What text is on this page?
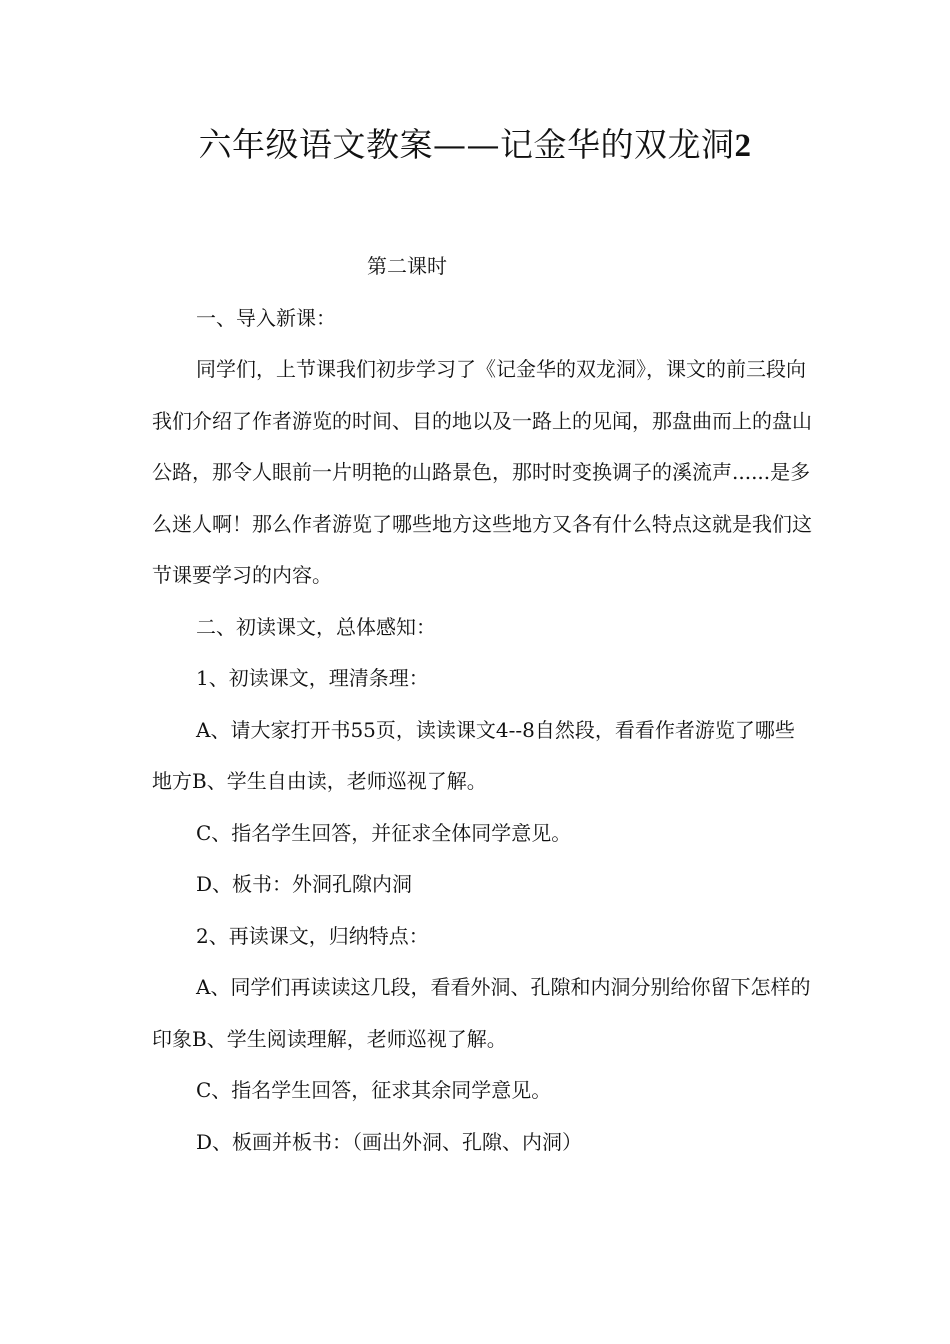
六年级语文教案——记金华的双龙洞2

第二课时

一、导入新课：

同学们，上节课我们初步学习了《记金华的双龙洞》，课文的前三段向我们介绍了作者游览的时间、目的地以及一路上的见闻，那盘曲而上的盘山公路，那令人眼前一片明艳的山路景色，那时时变换调子的溪流声......是多么迷人啊！那么作者游览了哪些地方这些地方又各有什么特点这就是我们这节课要学习的内容。

二、初读课文，总体感知：

1、初读课文，理清条理：

A、请大家打开书55页，读读课文4--8自然段，看看作者游览了哪些地方B、学生自由读，老师巡视了解。

C、指名学生回答，并征求全体同学意见。

D、板书：外洞孔隙内洞

2、再读课文，归纳特点：

A、同学们再读读这几段，看看外洞、孔隙和内洞分别给你留下怎样的印象B、学生阅读理解，老师巡视了解。

C、指名学生回答，征求其余同学意见。

D、板画并板书：（画出外洞、孔隙、内洞）
